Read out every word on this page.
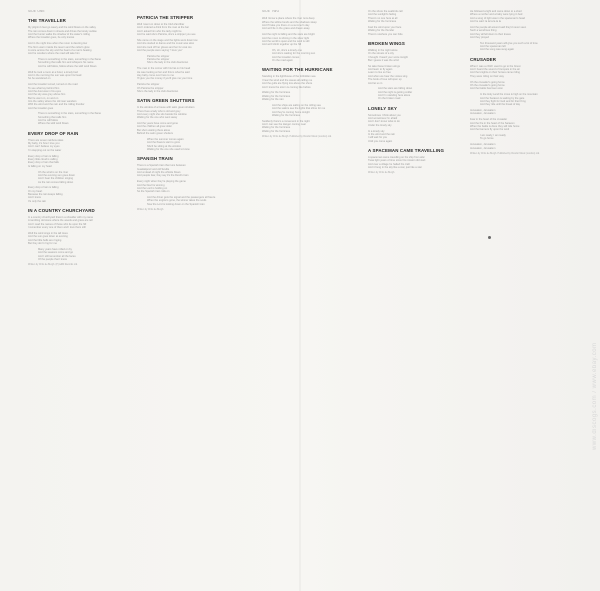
SIDE ONE
THE TRAVELLER

My pilgrim's feet go weary and the wind blows on the valley
The rain comes down in sheets and drives the lonely outlaw
And the hunter walks the shadow of the water's rolling
Where the traveller goes, he only knows

And in the night time when the moon is dancing low
The fire's warm inside the tavern and the cellar's glow
A voice across the sky and the heart of a man's beating
And he wonders where the road will take him

There is something in the stars, something in the flame
Something that calls him and whispers his name
And he will follow, follow where the wild wind blows

Well he took a room at a hotel, a lonely bed
And in the morning the sun was upon his head
So he wandered on

And the traveller turned, turned on the road
To see what lay behind him
And the dust was in his eyes
And the sky was grey above him
But he went on, on and on
Into the valley where the old man wanders
With the wind and the rain and the rolling thunder
And the traveller goes

There is something in the stars, something in the flame
Something that calls him
And he will follow
Where the wild wind blows

EVERY DROP OF RAIN

There are seven rainbow skies
My baby, it's how I love you
And I can't believe my eyes
I'm stepping out on the water

Every drop of rain is falling
Every little cloud is calling
Every drop of rain that falls
Is falling on my heart

Oh the wind is on the river
And the evening sun goes down
And I hear the children singing
As the rain comes falling down

Every drop of rain is falling
On my heart
Because the rain keeps falling
And I know
It's only the rain

IN A COUNTRY CHURCHYARD

In a country churchyard there's a shoulder with my name
A rambling old stone where the weeds and grass are tall
And I read the names of those who lie upon the hill
I remember every one of them and I love them still

Well the wind sings in the tall trees
And the sun goes down at evening
And the little bells are ringing
But they don't ring for me

Many years have rolled on by
And the seasons come and go
And I still remember all the faces
Of the people that I know

Written by Chris de Burgh. (P) A&M Records Ltd.

PATRICIA THE STRIPPER

Well I went on down to the Club Zanzibar
And I ordered a drink from the man at the bar
And I asked him who the lady might be
And he said she's Patricia, she's a stripper you see

She came on the stage and the lights went down low
And she started to dance and the music was slow
And she took off her gloves and her fur coat too
And the people were saying "I love you"

Patricia the stripper
Patricia the stripper
She's the lady in the club downtown

The man in the corner with his hat on his head
He was looking at her and this is what he said
Hey baby come over here to me
I'll give you the money if you'll give me your time

Patricia the stripper
Oh Patricia the stripper
She's the lady in the club downtown

SATIN GREEN SHUTTERS

In the window of a house with satin green shutters
There lives a lady who is old and grey
And every night she sits beside the window
Waiting for the one who went away

And the years have come and gone
And the children all grew older
But she's waiting there alone
Behind the satin green shutters

When the summer comes again
And the flowers start to grow
She'll be sitting at the window
Waiting for the one she used to know

SPANISH TRAIN

There is a Spanish train that runs between
Guadalquivir and old Seville
And at dead of night the whistle blows
And people fear, they say it's the Devil's train

Every night when they're playing the game
And the Devil is winning
And the Lord is holding on
So the Spanish train rolls on

And the driver gets the signal and the passengers all freeze
When the engine's gone, the winner takes the souls
Now the Lord is looking down on the Spanish train

Written by Chris de Burgh.

SIDE TWO

Well I know a place where the river runs deep
Where the willow bends and the shadows sleep
And I'll take you there on a summer's day
And we'll lie in the grass and dream away

And the night is falling and the stars are bright
And the moon is shining in the silver light
And the world is quiet and the wind is still
And we'll climb together up the hill

Oh, oh, she's a lonely one
And she's waiting for the morning sun
And the traveller comes
On the road again

WAITING FOR THE HURRICANE

Standing in the lighthouse of the forbidden sea
I hear the wind and the waves all calling me
And the gulls are flying low above the shore
And I know the storm is coming like before

Waiting for the hurricane
Waiting for the hurricane
Waiting for the rain

And the ships are sailing on the rolling sea
And the sailors see the lights that shine for me
And they're coming home tonight
Waiting for the hurricane

Suddenly there's a movement in the night
And I can see the danger coming near
Waiting for the hurricane
Waiting for the hurricane

Written by Chris de Burgh. Published by Rondor Music (London) Ltd.

On the shore the seabirds call
And the sunlight's fading
There's no one here at all
Waiting for the hurricane

Feel the wind upon your face
Waiting for the thunder
There's nowhere you can hide

BROKEN WINGS

Walking in the night alone
On the streets of a city
I thought I heard your voice tonight
But I guess it was the wind

So take these broken wings
And learn to fly again
Learn to live so free
And when we hear the voices sing
The book of love will open up
And let us in

And the stars are falling down
And the night is getting colder
And I'm standing here alone
On the broken road

LONELY SKY

Sometimes I think about you
And sometimes I'm afraid
And I don't know what to do
Under the lonely sky

In a lonely sky
In the wind and the rain
I will wait for you
Until you come again

A SPACEMAN CAME TRAVELLING

A spaceman came travelling on his ship from afar
Twas light years of time since his mission did start
And over a village he halted his craft
And it hung in the sky like a star, just like a star

Written by Chris de Burgh.

He followed a light and came down to a shed
Where a mother and a baby were lying in bed
And a song of light was in the spaceman's head
And he said: la la la la la la

And the people all around said they'd never seen
Such a wondrous thing
And they all fell down to their knees
And they prayed

Ten thousand years will give you such a lot of time
And the spaceman left
And the song was sung again

CRUSADER

When I was a child I used to go to the forest
And I heard the sound of trumpets in the air
And the knights on their horses came riding
They were riding on their way

Oh the crusader's going home
Oh the crusader's going home
And the battle has been won

In the Holy Land the cross is high on the mountain
And the Saracen is waiting by the gate
And they fight for God and for their King
And they ride until the break of day

Jerusalem, Jerusalem
Jerusalem, Jerusalem

Fear in the heart of the crusader
And the fire in the heart of the Saracen
When the battle is done they will ride home
And the banners fly upon the wind

I am ready, I am ready
To go home

Jerusalem, Jerusalem
Jerusalem, Jerusalem

Written by Chris de Burgh. Published by Rondor Music (London) Ltd.

www.discogs.com / www.ebay.com
